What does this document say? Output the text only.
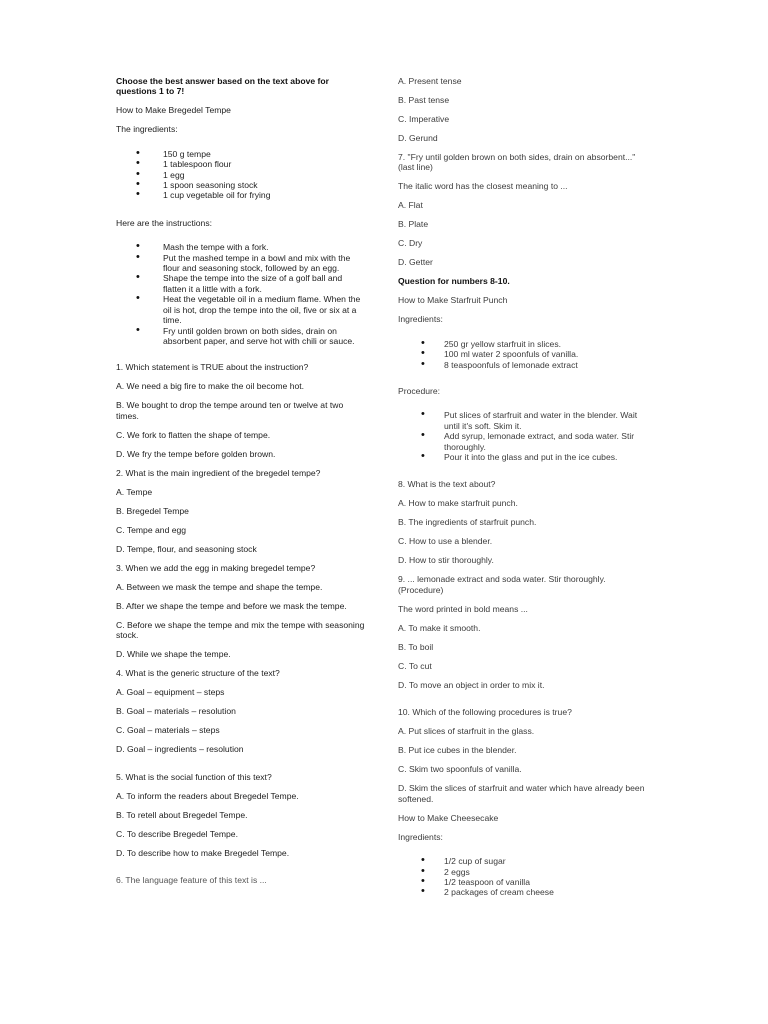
Choose the best answer based on the text above for questions 1 to 7!

How to Make Bregedel Tempe

The ingredients:

• 150 g tempe
• 1 tablespoon flour
• 1 egg
• 1 spoon seasoning stock
• 1 cup vegetable oil for frying

Here are the instructions:

• Mash the tempe with a fork.
• Put the mashed tempe in a bowl and mix with the flour and seasoning stock, followed by an egg.
• Shape the tempe into the size of a golf ball and flatten it a little with a fork.
• Heat the vegetable oil in a medium flame. When the oil is hot, drop the tempe into the oil, five or six at a time.
• Fry until golden brown on both sides, drain on absorbent paper, and serve hot with chili or sauce.

1. Which statement is TRUE about the instruction?

A. We need a big fire to make the oil become hot.

B. We bought to drop the tempe around ten or twelve at two times.

C. We fork to flatten the shape of tempe.

D. We fry the tempe before golden brown.

2. What is the main ingredient of the bregedel tempe?

A. Tempe

B. Bregedel Tempe

C. Tempe and egg

D. Tempe, flour, and seasoning stock

3. When we add the egg in making bregedel tempe?

A. Between we mask the tempe and shape the tempe.

B. After we shape the tempe and before we mask the tempe.

C. Before we shape the tempe and mix the tempe with seasoning stock.

D. While we shape the tempe.

4. What is the generic structure of the text?

A. Goal – equipment – steps

B. Goal – materials – resolution

C. Goal – materials – steps

D. Goal – ingredients – resolution

5. What is the social function of this text?

A. To inform the readers about Bregedel Tempe.

B. To retell about Bregedel Tempe.

C. To describe Bregedel Tempe.

D. To describe how to make Bregedel Tempe.

6. The language feature of this text is ...

A. Present tense

B. Past tense

C. Imperative

D. Gerund

7. "Fry until golden brown on both sides, drain on absorbent..." (last line)

The italic word has the closest meaning to ...

A. Flat

B. Plate

C. Dry

D. Getter

Question for numbers 8-10.

How to Make Starfruit Punch

Ingredients:

• 250 gr yellow starfruit in slices.
• 100 ml water 2 spoonfuls of vanilla.
• 8 teaspoonfuls of lemonade extract

Procedure:

• Put slices of starfruit and water in the blender. Wait until it's soft. Skim it.
• Add syrup, lemonade extract, and soda water. Stir thoroughly.
• Pour it into the glass and put in the ice cubes.

8. What is the text about?

A. How to make starfruit punch.

B. The ingredients of starfruit punch.

C. How to use a blender.

D. How to stir thoroughly.

9. ... lemonade extract and soda water. Stir thoroughly. (Procedure)

The word printed in bold means ...

A. To make it smooth.

B. To boil

C. To cut

D. To move an object in order to mix it.

10. Which of the following procedures is true?

A. Put slices of starfruit in the glass.

B. Put ice cubes in the blender.

C. Skim two spoonfuls of vanilla.

D. Skim the slices of starfruit and water which have already been softened.

How to Make Cheesecake

Ingredients:

• 1/2 cup of sugar
• 2 eggs
• 1/2 teaspoon of vanilla
• 2 packages of cream cheese
